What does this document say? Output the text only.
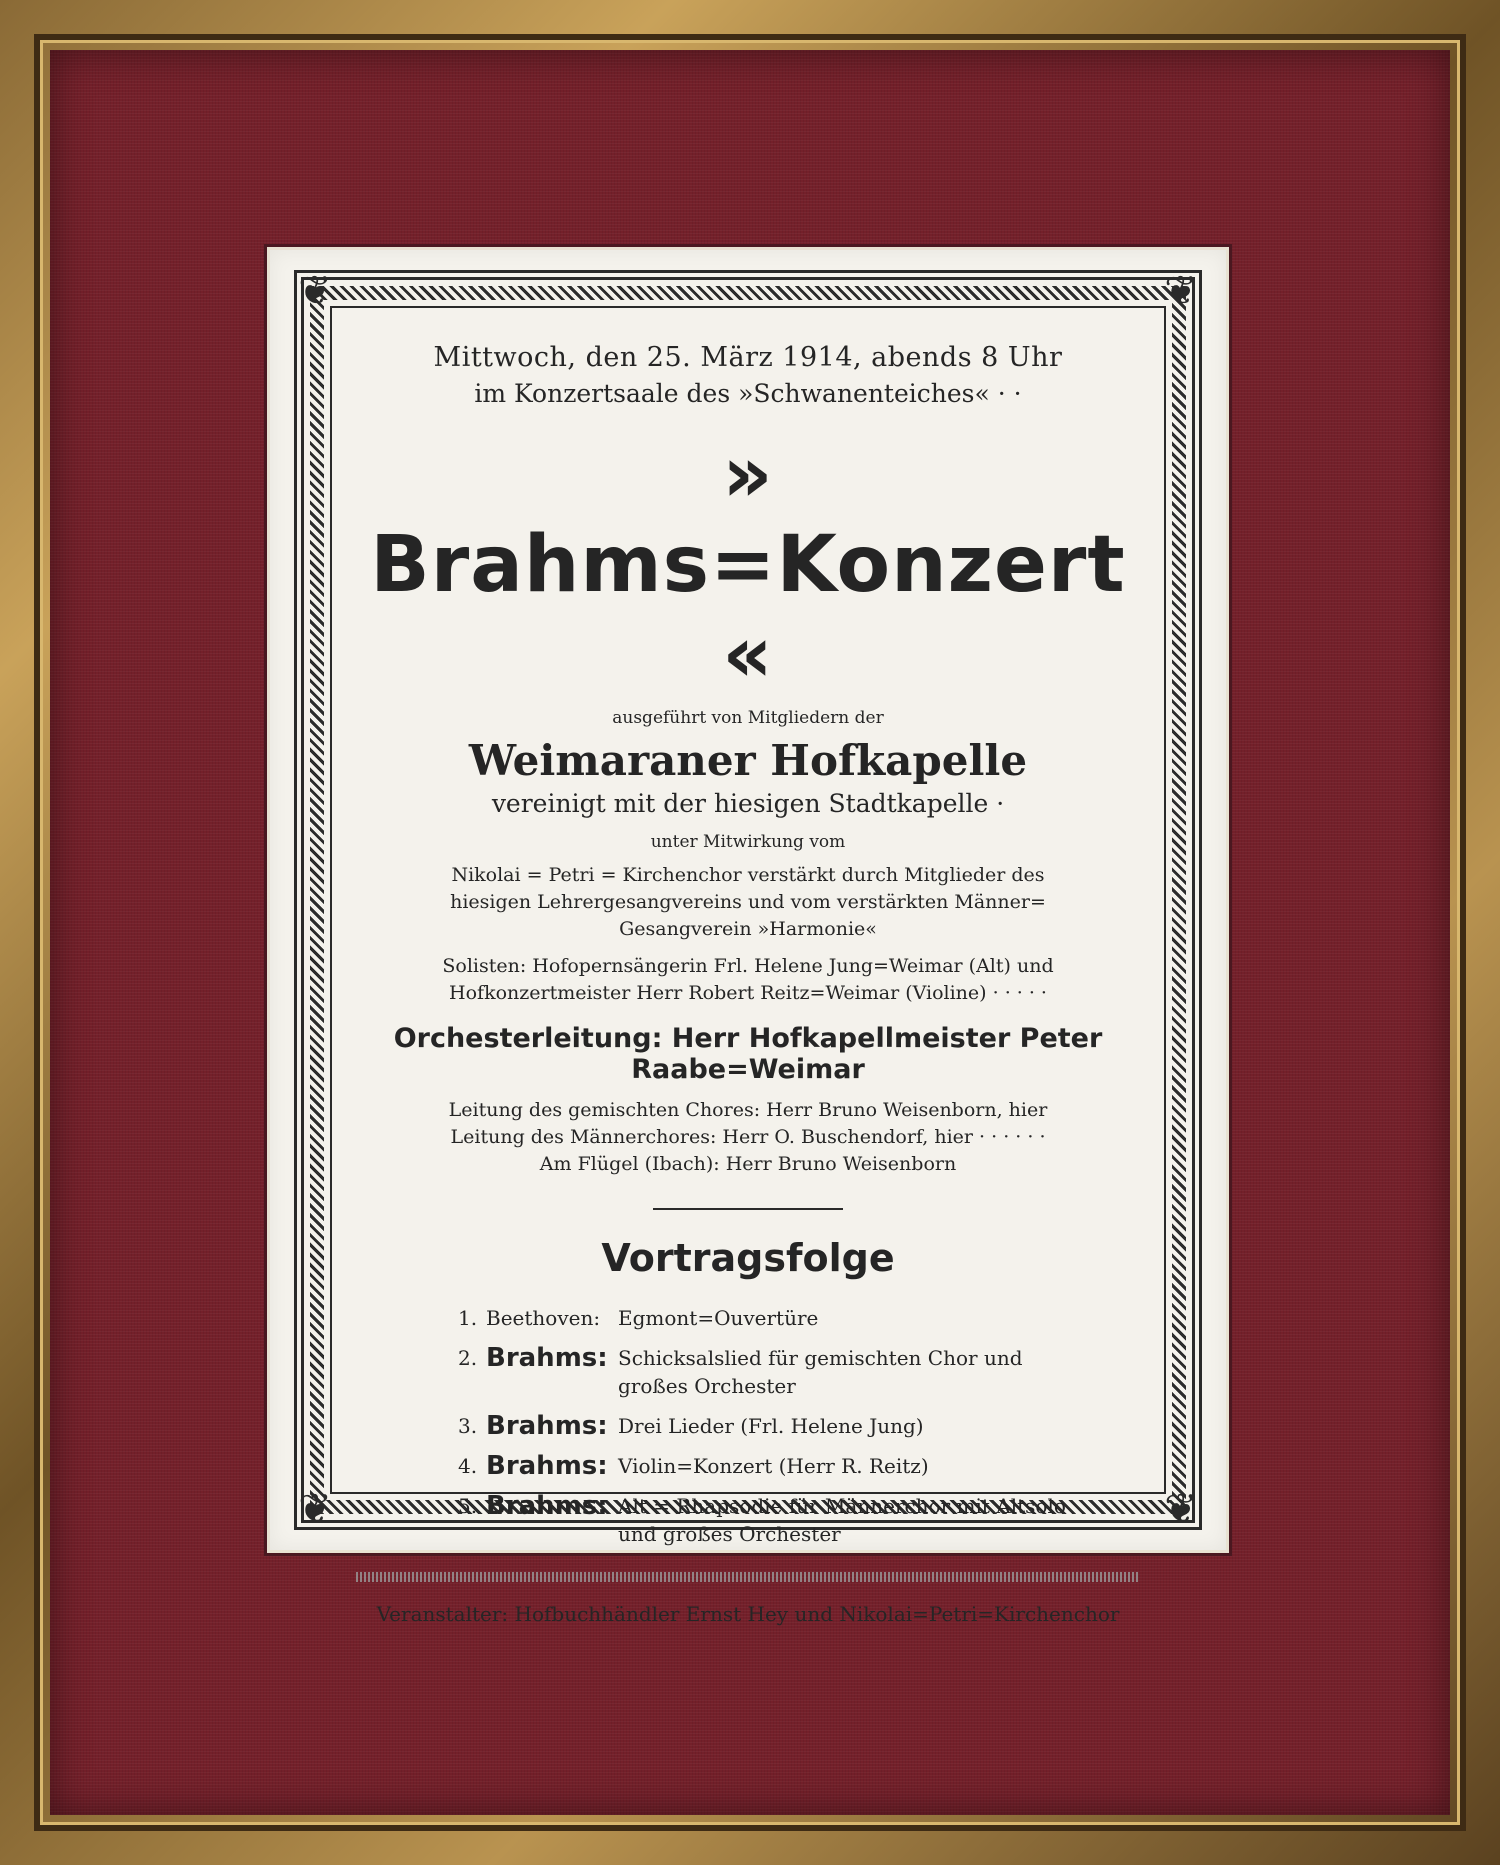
❦	❦
❦	❦
Mittwoch, den 25. März 1914, abends 8 Uhr
im Konzertsaale des »Schwanenteiches« · ·
» Brahms=Konzert «
ausgeführt von Mitgliedern der
Weimaraner Hofkapelle
vereinigt mit der hiesigen Stadtkapelle ·
unter Mitwirkung vom
Nikolai = Petri = Kirchenchor verstärkt durch Mitglieder des
hiesigen Lehrergesangvereins und vom verstärkten Männer=
Gesangverein »Harmonie«
Solisten: Hofopernsängerin Frl. Helene Jung=Weimar (Alt) und
Hofkonzertmeister Herr Robert Reitz=Weimar (Violine) · · · · ·
Orchesterleitung: Herr Hofkapellmeister Peter Raabe=Weimar
Leitung des gemischten Chores: Herr Bruno Weisenborn, hier
Leitung des Männerchores: Herr O. Buschendorf, hier · · · · · ·
Am Flügel (Ibach): Herr Bruno Weisenborn
Vortragsfolge
1. Beethoven: Egmont=Ouvertüre
2. Brahms: Schicksalslied für gemischten Chor und großes Orchester
3. Brahms: Drei Lieder (Frl. Helene Jung)
4. Brahms: Violin=Konzert (Herr R. Reitz)
5. Brahms: Alt = Rhapsodie für Männerchor mit Altsolo und großes Orchester
Veranstalter: Hofbuchhändler Ernst Hey und Nikolai=Petri=Kirchenchor
